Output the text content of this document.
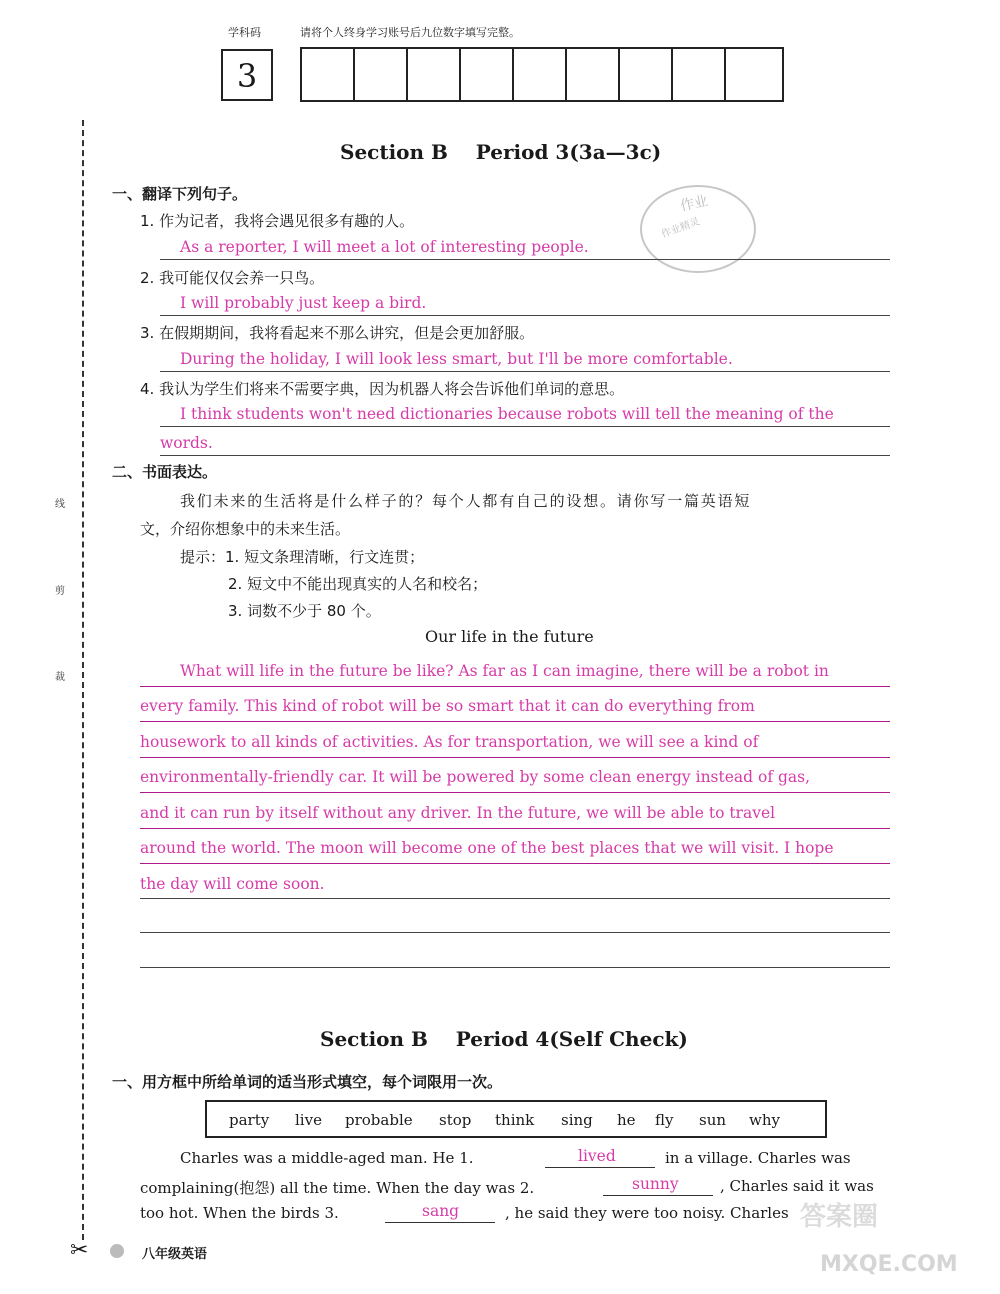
学科码	请将个人终身学习账号后九位数字填写完整。
3
线
剪
裁
✂
Section B    Period 3(3a—3c)
一、翻译下列句子。	作业
作业精灵
1. 作为记者，我将会遇见很多有趣的人。
As a reporter, I will meet a lot of interesting people.
2. 我可能仅仅会养一只鸟。
I will probably just keep a bird.
3. 在假期期间，我将看起来不那么讲究，但是会更加舒服。
During the holiday, I will look less smart, but I'll be more comfortable.
4. 我认为学生们将来不需要字典，因为机器人将会告诉他们单词的意思。
I think students won't need dictionaries because robots will tell the meaning of the
words.
二、书面表达。
我们未来的生活将是什么样子的？每个人都有自己的设想。请你写一篇英语短
文，介绍你想象中的未来生活。
提示：1. 短文条理清晰，行文连贯；
2. 短文中不能出现真实的人名和校名；
3. 词数不少于 80 个。
Our life in the future
What will life in the future be like? As far as I can imagine, there will be a robot in
every family. This kind of robot will be so smart that it can do everything from
housework to all kinds of activities. As for transportation, we will see a kind of
environmentally-friendly car. It will be powered by some clean energy instead of gas,
and it can run by itself without any driver. In the future, we will be able to travel
around the world. The moon will become one of the best places that we will visit. I hope
the day will come soon.
Section B    Period 4(Self Check)
一、用方框中所给单词的适当形式填空，每个词限用一次。
party live probable stop think sing he fly sun why
Charles was a middle-aged man. He 1.	lived	in a village. Charles was
complaining(抱怨) all the time. When the day was 2.	sunny	, Charles said it was
too hot. When the birds 3.	sang	, he said they were too noisy. Charles
八年级英语
答案圈
MXQE.COM
